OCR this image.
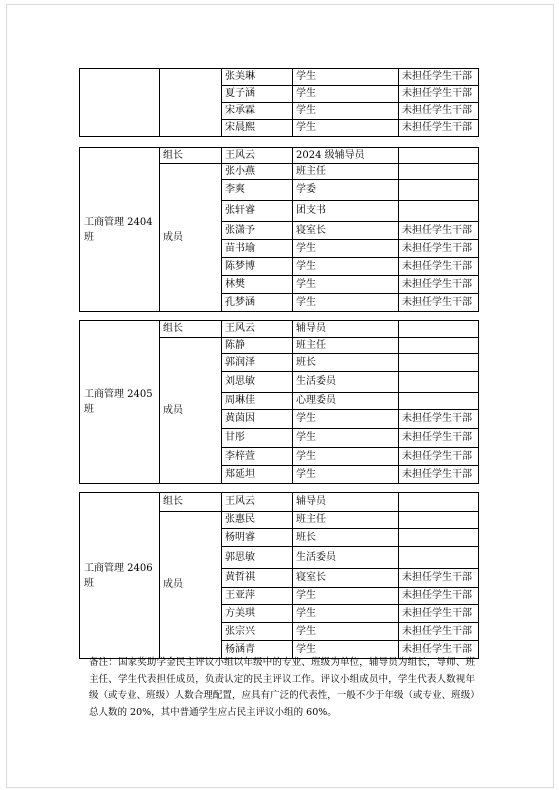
		张美琳	学生	未担任学生干部
		夏子涵	学生	未担任学生干部
		宋承霖	学生	未担任学生干部
		宋晨熙	学生	未担任学生干部
工商管理 2404班	组长	王风云	2024 级辅导员	
	成员	张小燕	班主任	
		李爽	学委	
		张轩睿	团支书	
		张潇予	寝室长	未担任学生干部
		苗书瑜	学生	未担任学生干部
		陈梦博	学生	未担任学生干部
		林樊	学生	未担任学生干部
		孔梦涵	学生	未担任学生干部
工商管理 2405班	组长	王风云	辅导员	
	成员	陈静	班主任	
		郭润泽	班长	
		刘思敏	生活委员	
		周琳佳	心理委员	
		黄茵因	学生	未担任学生干部
		甘彤	学生	未担任学生干部
		李梓萱	学生	未担任学生干部
		郑延坦	学生	未担任学生干部
工商管理 2406班	组长	王风云	辅导员	
	成员	张惠民	班主任	
		杨明睿	班长	
		郭思敏	生活委员	
		黄哲祺	寝室长	未担任学生干部
		王亚萍	学生	未担任学生干部
		方美琪	学生	未担任学生干部
		张宗兴	学生	未担任学生干部
		杨涵青	学生	未担任学生干部
备注：国家奖助学金民主评议小组以年级中的专业、班级为单位，辅导员为组长，导师、班主任、学生代表担任成员，负责认定的民主评议工作。评议小组成员中，学生代表人数视年级（或专业、班级）人数合理配置，应具有广泛的代表性，一般不少于年级（或专业、班级）总人数的 20%，其中普通学生应占民主评议小组的 60%。
